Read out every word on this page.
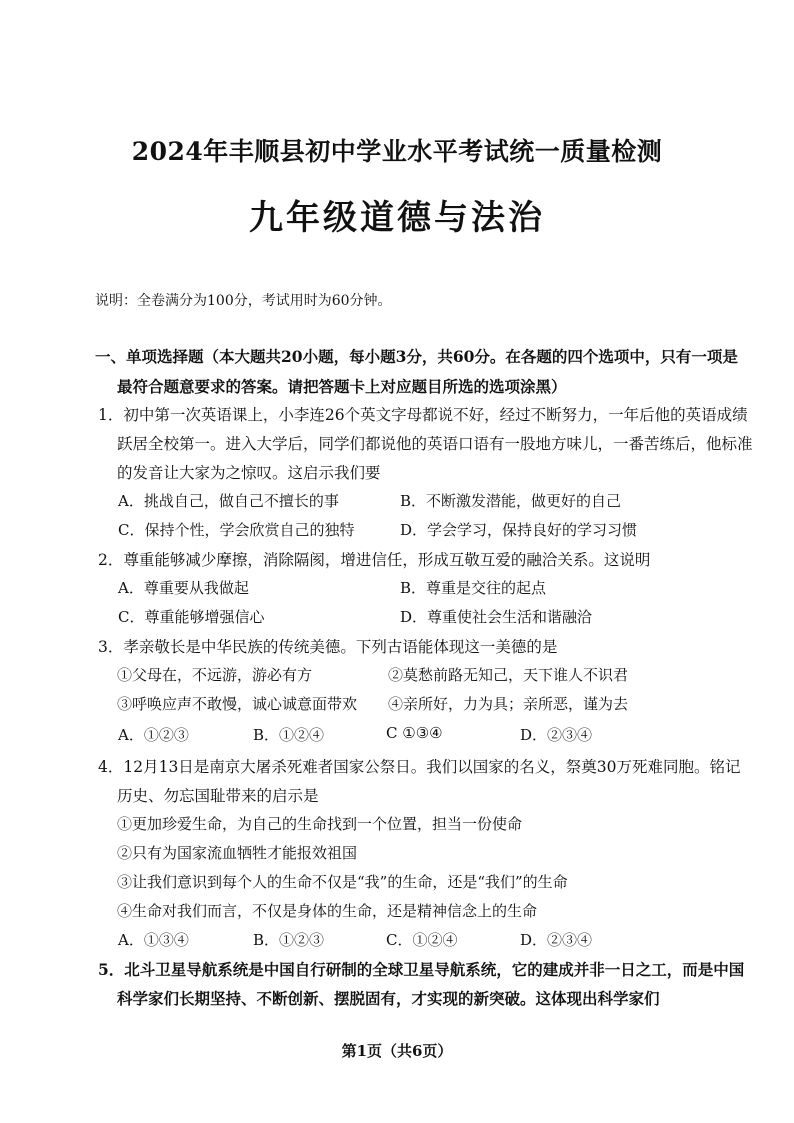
2024年丰顺县初中学业水平考试统一质量检测
九年级道德与法治
说明：全卷满分为100分，考试用时为60分钟。
一、单项选择题（本大题共20小题，每小题3分，共60分。在各题的四个选项中，只有一项是
最符合题意要求的答案。请把答题卡上对应题目所选的选项涂黑）
1．初中第一次英语课上，小李连26个英文字母都说不好，经过不断努力，一年后他的英语成绩
跃居全校第一。进入大学后，同学们都说他的英语口语有一股地方味儿，一番苦练后，他标准
的发音让大家为之惊叹。这启示我们要
A．挑战自己，做自己不擅长的事	B．不断激发潜能，做更好的自己
C．保持个性，学会欣赏自己的独特	D．学会学习，保持良好的学习习惯
2．尊重能够减少摩擦，消除隔阂，增进信任，形成互敬互爱的融洽关系。这说明
A．尊重要从我做起	B．尊重是交往的起点
C．尊重能够增强信心	D．尊重使社会生活和谐融洽
3．孝亲敬长是中华民族的传统美德。下列古语能体现这一美德的是
①父母在，不远游，游必有方	②莫愁前路无知己，天下谁人不识君
③呼唤应声不敢慢，诚心诚意面带欢 ④亲所好，力为具；亲所恶，谨为去
A．①②③	B．①②④	C ①③④	D．②③④
4．12月13日是南京大屠杀死难者国家公祭日。我们以国家的名义，祭奠30万死难同胞。铭记
历史、勿忘国耻带来的启示是
①更加珍爱生命，为自己的生命找到一个位置，担当一份使命
②只有为国家流血牺牲才能报效祖国
③让我们意识到每个人的生命不仅是“我”的生命，还是“我们”的生命
④生命对我们而言，不仅是身体的生命，还是精神信念上的生命
A．①③④	B．①②③	C．①②④	D．②③④
5．北斗卫星导航系统是中国自行研制的全球卫星导航系统，它的建成并非一日之工，而是中国
科学家们长期坚持、不断创新、摆脱固有，才实现的新突破。这体现出科学家们
第1页（共6页）
